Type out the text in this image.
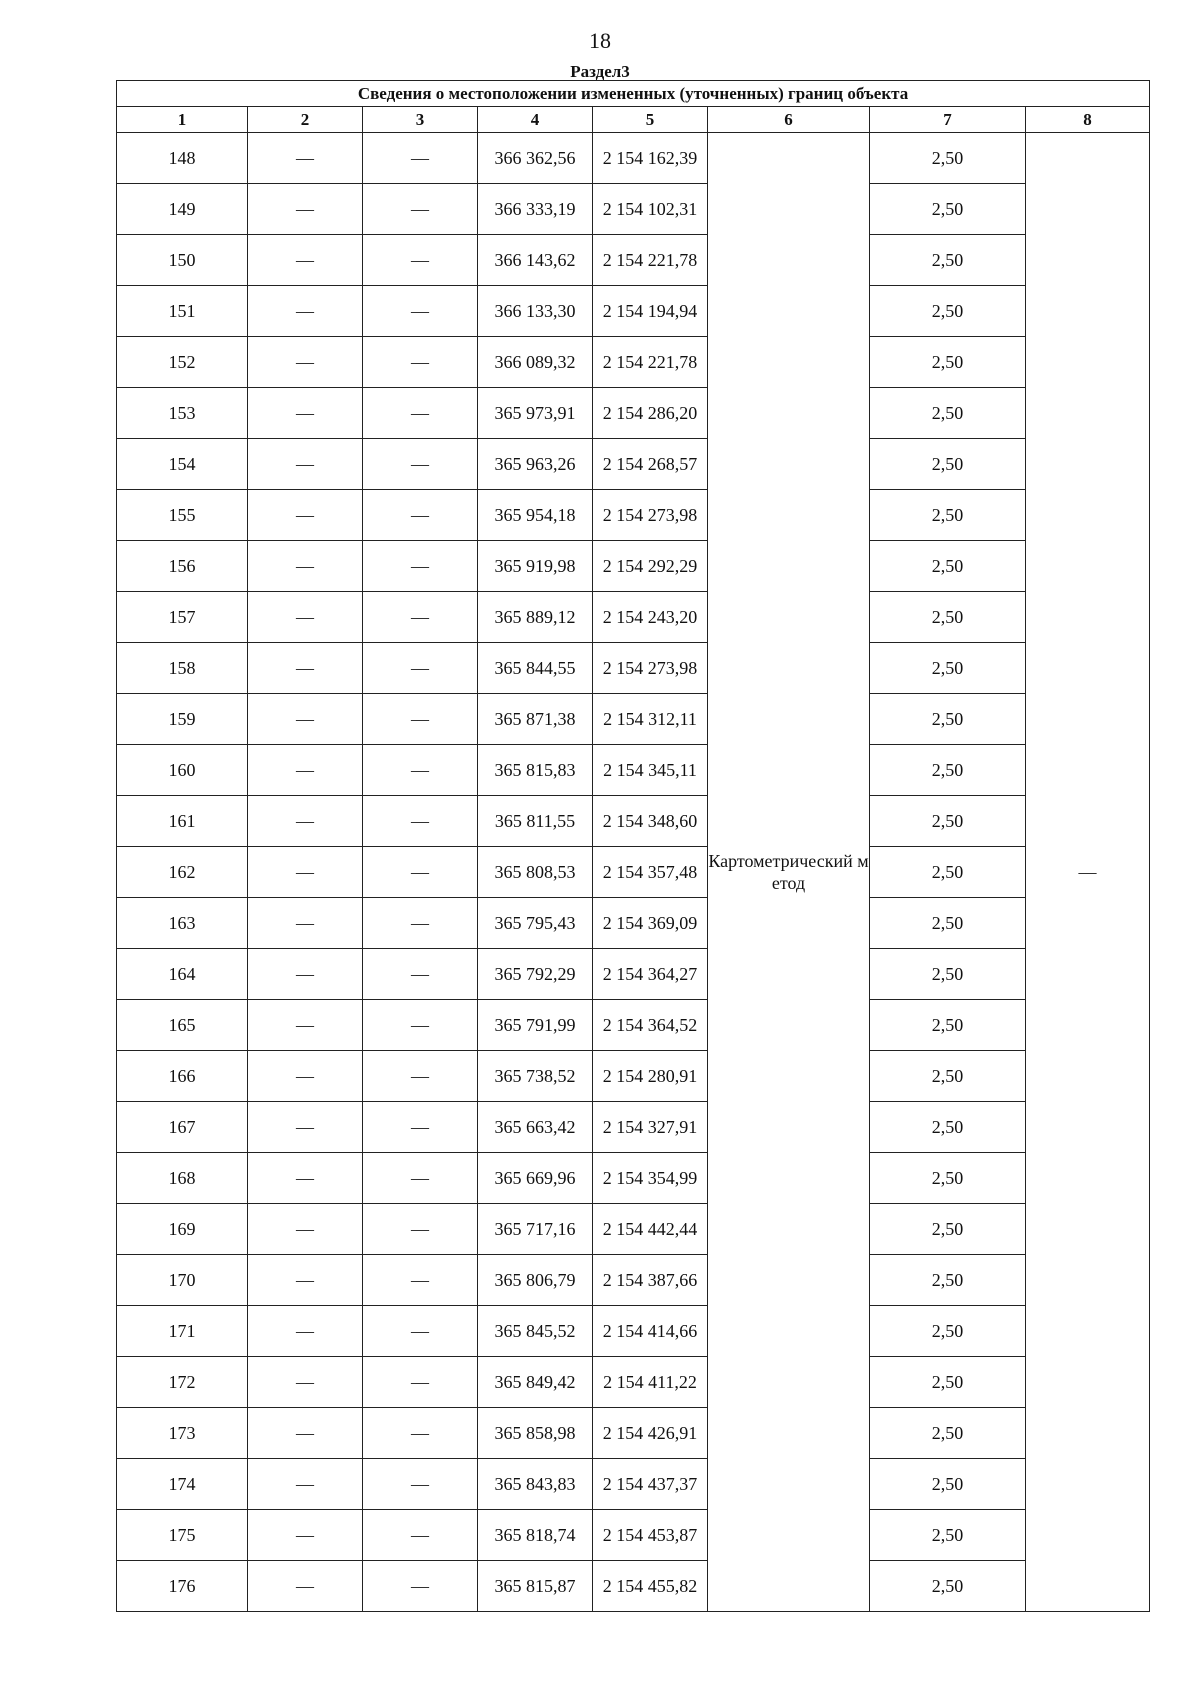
18
Раздел3
Сведения о местоположении измененных (уточненных) границ объекта							
1	2	3	4	5	6	7	8
148	—	—	366 362,56	2 154 162,39	Картометрический метод	2,50	—
149	—	—	366 333,19	2 154 102,31		2,50	
150	—	—	366 143,62	2 154 221,78		2,50	
151	—	—	366 133,30	2 154 194,94		2,50	
152	—	—	366 089,32	2 154 221,78		2,50	
153	—	—	365 973,91	2 154 286,20		2,50	
154	—	—	365 963,26	2 154 268,57		2,50	
155	—	—	365 954,18	2 154 273,98		2,50	
156	—	—	365 919,98	2 154 292,29		2,50	
157	—	—	365 889,12	2 154 243,20		2,50	
158	—	—	365 844,55	2 154 273,98		2,50	
159	—	—	365 871,38	2 154 312,11		2,50	
160	—	—	365 815,83	2 154 345,11		2,50	
161	—	—	365 811,55	2 154 348,60		2,50	
162	—	—	365 808,53	2 154 357,48		2,50	
163	—	—	365 795,43	2 154 369,09		2,50	
164	—	—	365 792,29	2 154 364,27		2,50	
165	—	—	365 791,99	2 154 364,52		2,50	
166	—	—	365 738,52	2 154 280,91		2,50	
167	—	—	365 663,42	2 154 327,91		2,50	
168	—	—	365 669,96	2 154 354,99		2,50	
169	—	—	365 717,16	2 154 442,44		2,50	
170	—	—	365 806,79	2 154 387,66		2,50	
171	—	—	365 845,52	2 154 414,66		2,50	
172	—	—	365 849,42	2 154 411,22		2,50	
173	—	—	365 858,98	2 154 426,91		2,50	
174	—	—	365 843,83	2 154 437,37		2,50	
175	—	—	365 818,74	2 154 453,87		2,50	
176	—	—	365 815,87	2 154 455,82		2,50	
